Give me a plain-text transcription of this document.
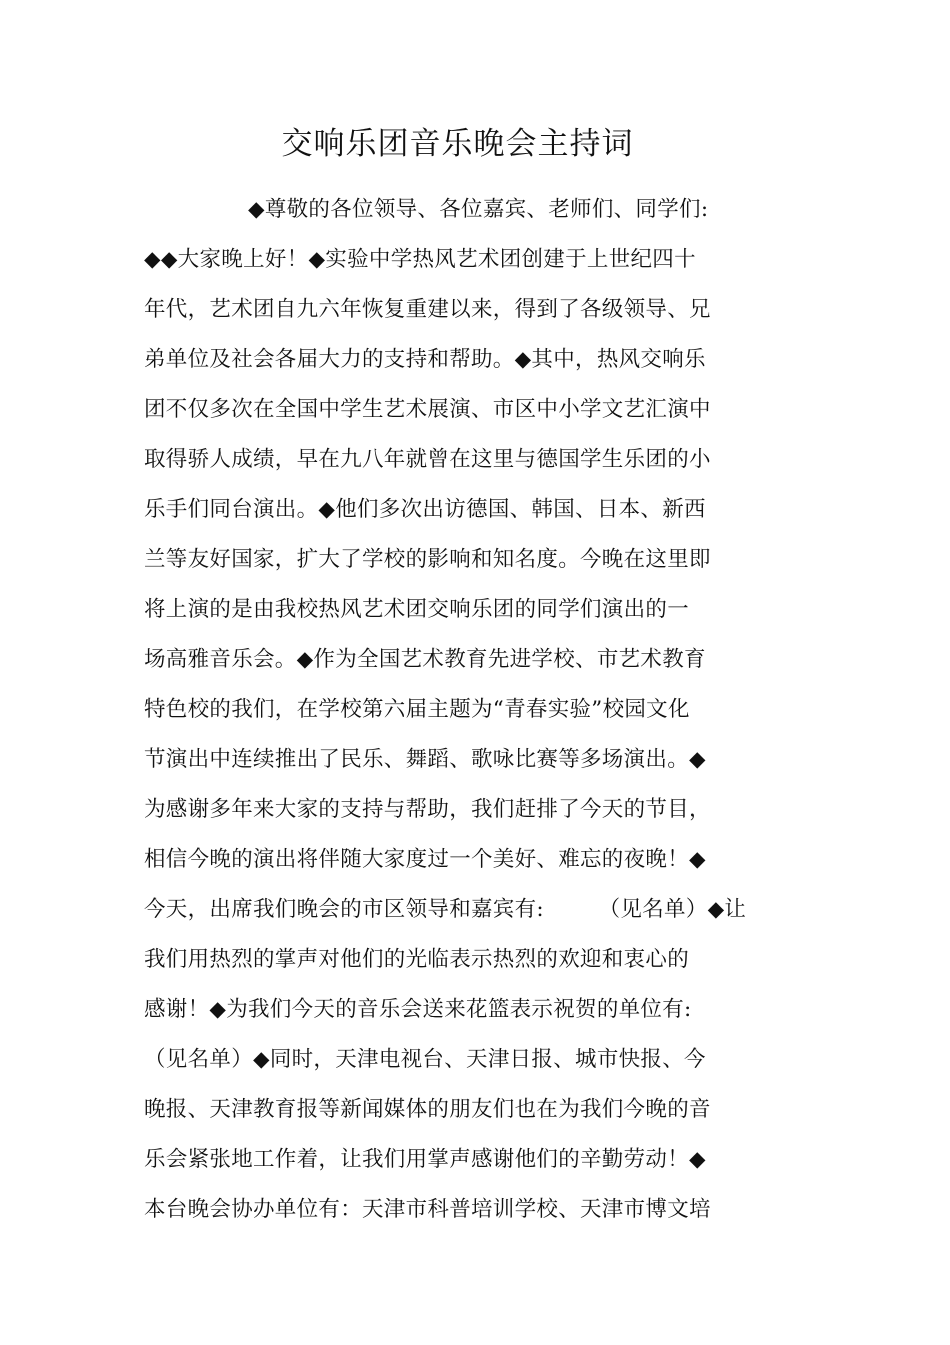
交响乐团音乐晚会主持词
◆尊敬的各位领导、各位嘉宾、老师们、同学们:
◆◆大家晚上好！◆实验中学热风艺术团创建于上世纪四十
年代，艺术团自九六年恢复重建以来，得到了各级领导、兄
弟单位及社会各届大力的支持和帮助。◆其中，热风交响乐
团不仅多次在全国中学生艺术展演、市区中小学文艺汇演中
取得骄人成绩，早在九八年就曾在这里与德国学生乐团的小
乐手们同台演出。◆他们多次出访德国、韩国、日本、新西
兰等友好国家，扩大了学校的影响和知名度。今晚在这里即
将上演的是由我校热风艺术团交响乐团的同学们演出的一
场高雅音乐会。◆作为全国艺术教育先进学校、市艺术教育
特色校的我们，在学校第六届主题为“青春实验”校园文化
节演出中连续推出了民乐、舞蹈、歌咏比赛等多场演出。◆
为感谢多年来大家的支持与帮助，我们赶排了今天的节目，
相信今晚的演出将伴随大家度过一个美好、难忘的夜晚！◆
今天，出席我们晚会的市区领导和嘉宾有:　　　（见名单）◆让
我们用热烈的掌声对他们的光临表示热烈的欢迎和衷心的
感谢！◆为我们今天的音乐会送来花篮表示祝贺的单位有:
（见名单）◆同时，天津电视台、天津日报、城市快报、今
晚报、天津教育报等新闻媒体的朋友们也在为我们今晚的音
乐会紧张地工作着，让我们用掌声感谢他们的辛勤劳动！◆
本台晚会协办单位有：天津市科普培训学校、天津市博文培
